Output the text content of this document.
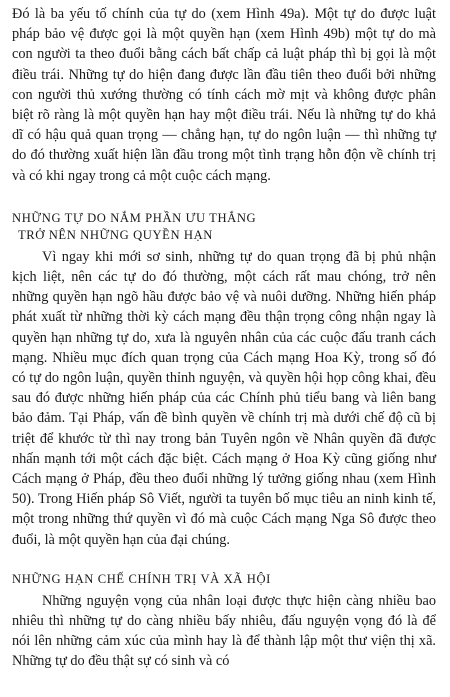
Đó là ba yếu tố chính của tự do (xem Hình 49a). Một tự do được luật pháp bảo vệ được gọi là một quyền hạn (xem Hình 49b) một tự do mà con người ta theo đuổi bằng cách bất chấp cả luật pháp thì bị gọi là một điều trái. Những tự do hiện đang được lần đầu tiên theo đuổi bởi những con người thủ xướng thường có tính cách mờ mịt và không được phân biệt rõ ràng là một quyền hạn hay một điều trái. Nếu là những tự do khả dĩ có hậu quả quan trọng — chẳng hạn, tự do ngôn luận — thì những tự do đó thường xuất hiện lần đầu trong một tình trạng hỗn độn về chính trị và có khi ngay trong cả một cuộc cách mạng.

NHỮNG TỰ DO NẮM PHẦN ƯU THẮNG
TRỞ NÊN NHỮNG QUYỀN HẠN

Vì ngay khi mới sơ sinh, những tự do quan trọng đã bị phủ nhận kịch liệt, nên các tự do đó thường, một cách rất mau chóng, trở nên những quyền hạn ngõ hầu được bảo vệ và nuôi dưỡng. Những hiến pháp phát xuất từ những thời kỳ cách mạng đều thận trọng công nhận ngay là quyền hạn những tự do, xưa là nguyên nhân của các cuộc đấu tranh cách mạng. Nhiều mục đích quan trọng của Cách mạng Hoa Kỳ, trong số đó có tự do ngôn luận, quyền thỉnh nguyện, và quyền hội họp công khai, đều sau đó được những hiến pháp của các Chính phủ tiểu bang và liên bang bảo đảm. Tại Pháp, vấn đề bình quyền về chính trị mà dưới chế độ cũ bị triệt để khước từ thì nay trong bản Tuyên ngôn về Nhân quyền đã được nhấn mạnh tới một cách đặc biệt. Cách mạng ở Hoa Kỳ cũng giống như Cách mạng ở Pháp, đều theo đuổi những lý tưởng giống nhau (xem Hình 50). Trong Hiến pháp Sô Viết, người ta tuyên bố mục tiêu an ninh kinh tế, một trong những thứ quyền vì đó mà cuộc Cách mạng Nga Sô được theo đuổi, là một quyền hạn của đại chúng.

NHỮNG HẠN CHẾ CHÍNH TRỊ VÀ XÃ HỘI

Những nguyện vọng của nhân loại được thực hiện càng nhiều bao nhiêu thì những tự do càng nhiều bấy nhiêu, đấu nguyện vọng đó là để nói lên những cảm xúc của mình hay là để thành lập một thư viện thị xã. Những tự do đều thật sự có sinh và có
